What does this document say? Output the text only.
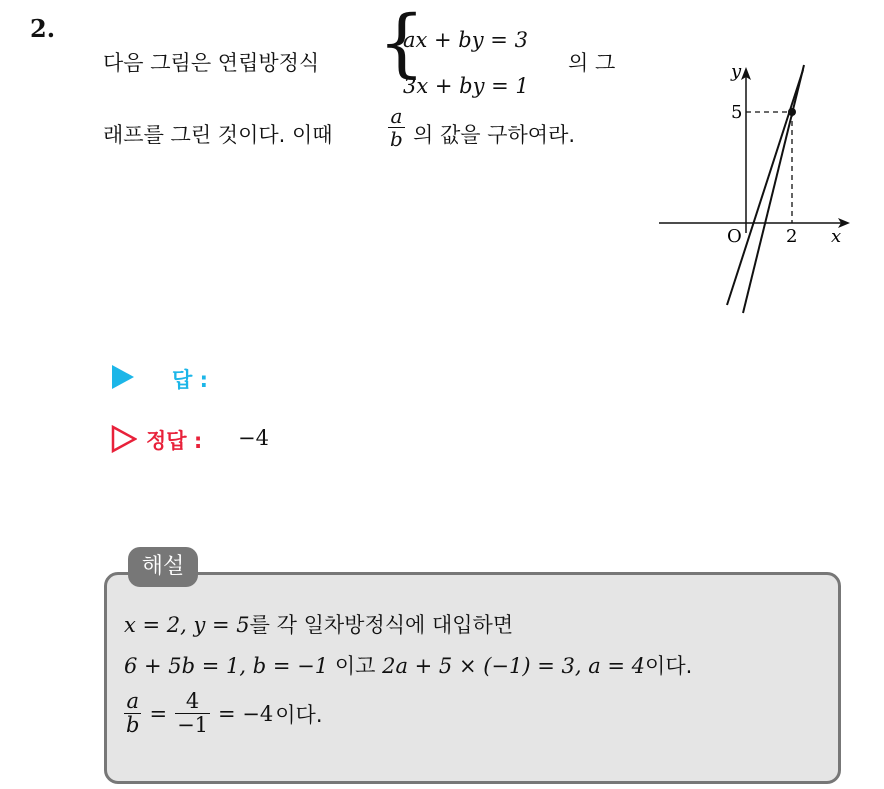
2.
다음 그림은 연립방정식 {
ax + by = 3
3x + by = 1
의 그
래프를 그린 것이다. 이때	$\frac{a}{b}$ 의 값을 구하여라.
y
x
O 2
5
답 :
정답 : −4
해설
x = 2, y = 5를 각 일차방정식에 대입하면
6 + 5b = 1, b = −1 이고 2a + 5 × (−1) = 3, a = 4이다.
$\frac{a}{b} = \frac{4}{-1} = -4$ 이다.
